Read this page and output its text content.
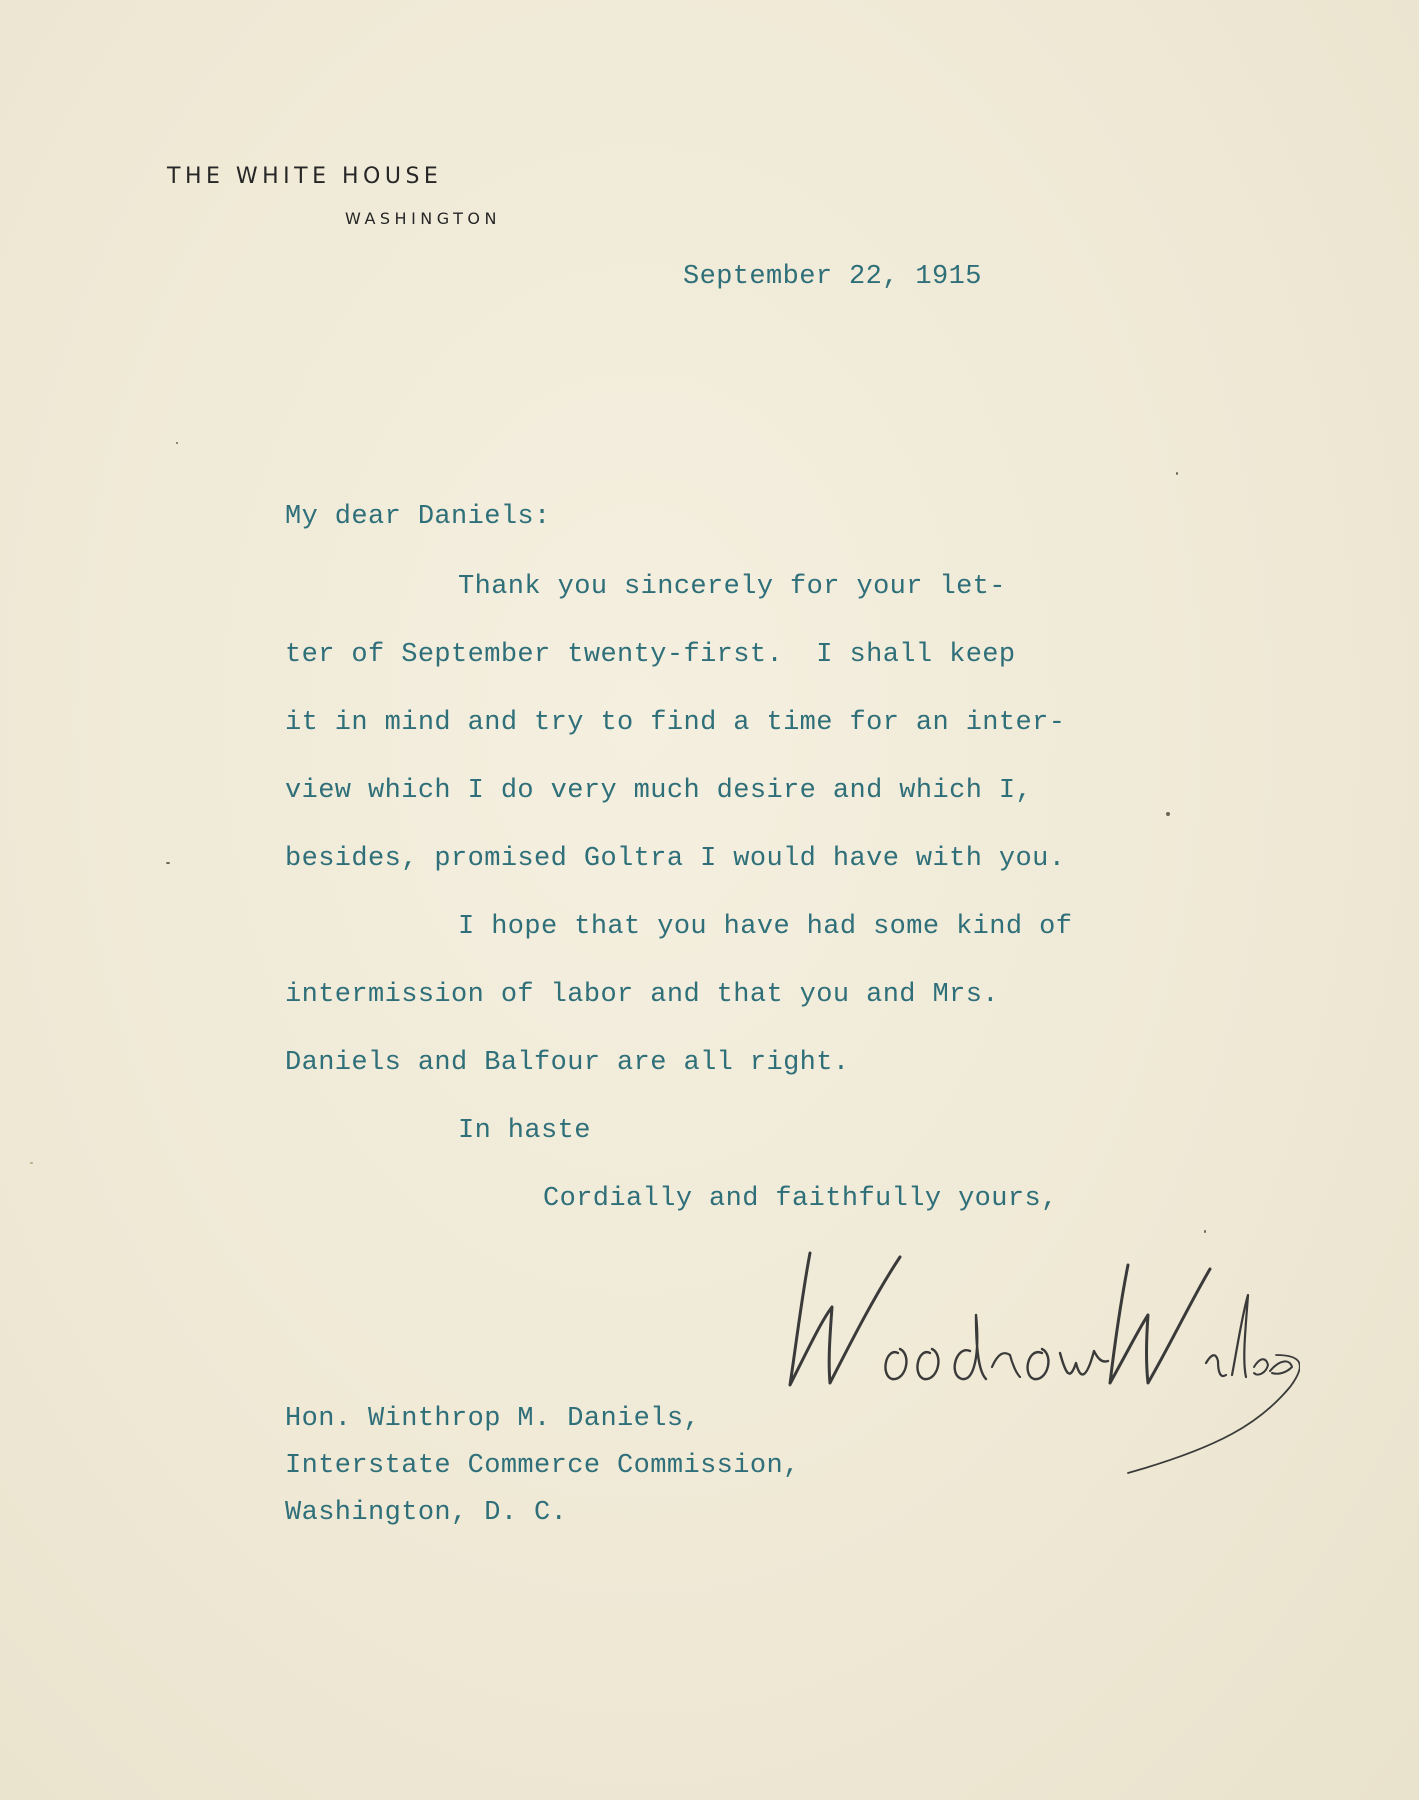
THE WHITE HOUSE
WASHINGTON
September 22, 1915
My dear Daniels:
Thank you sincerely for your let-
ter of September twenty-first.  I shall keep
it in mind and try to find a time for an inter-
view which I do very much desire and which I,
besides, promised Goltra I would have with you.
I hope that you have had some kind of
intermission of labor and that you and Mrs.
Daniels and Balfour are all right.
In haste
Cordially and faithfully yours,
Hon. Winthrop M. Daniels,
Interstate Commerce Commission,
Washington, D. C.
